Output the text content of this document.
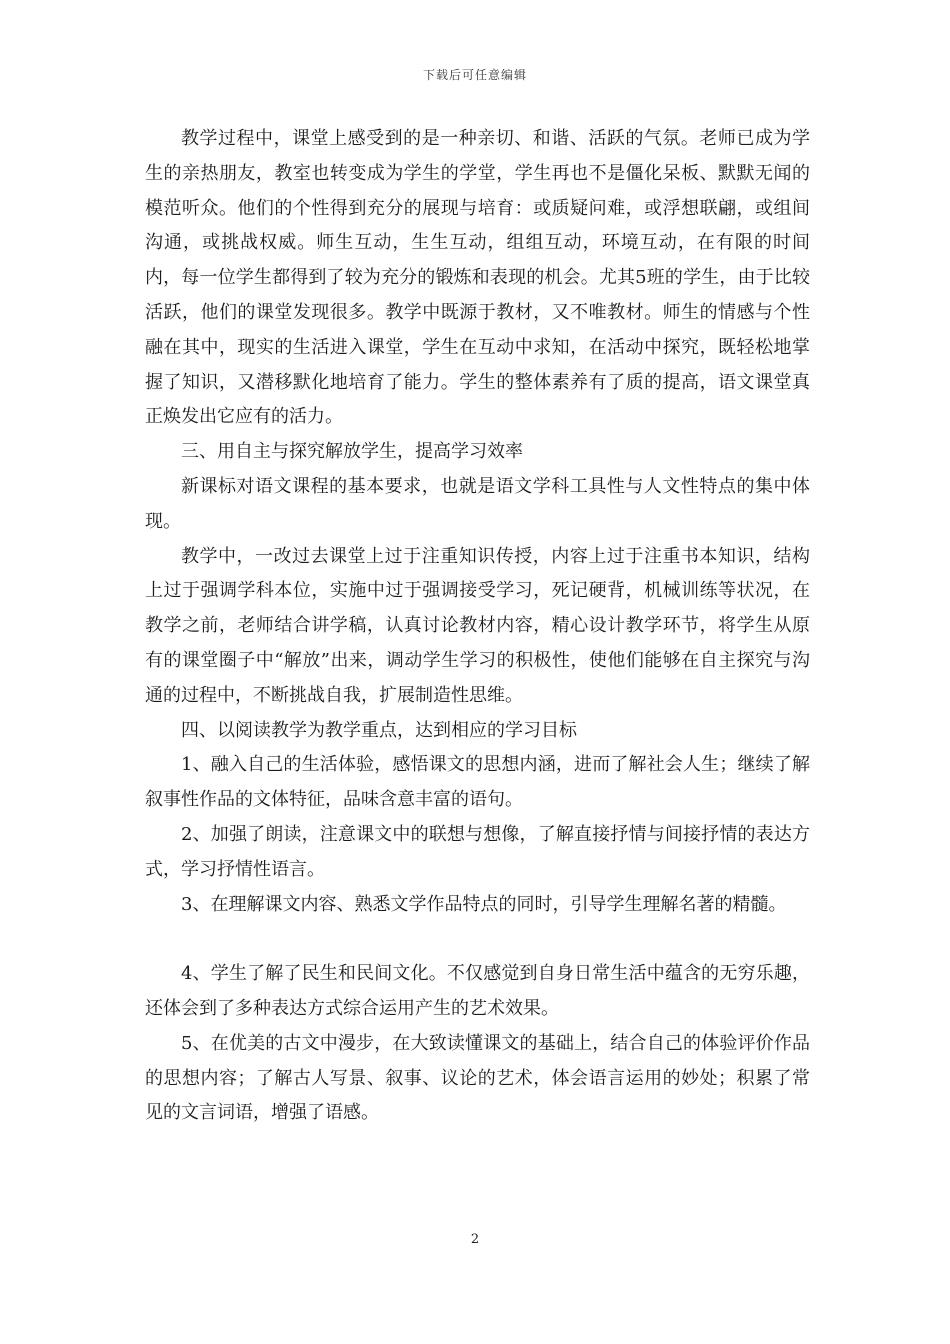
下载后可任意编辑

教学过程中，课堂上感受到的是一种亲切、和谐、活跃的气氛。老师已成为学生的亲热朋友，教室也转变成为学生的学堂，学生再也不是僵化呆板、默默无闻的模范听众。他们的个性得到充分的展现与培育：或质疑问难，或浮想联翩，或组间沟通，或挑战权威。师生互动，生生互动，组组互动，环境互动，在有限的时间内，每一位学生都得到了较为充分的锻炼和表现的机会。尤其5班的学生，由于比较活跃，他们的课堂发现很多。教学中既源于教材，又不唯教材。师生的情感与个性融在其中，现实的生活进入课堂，学生在互动中求知，在活动中探究，既轻松地掌握了知识，又潜移默化地培育了能力。学生的整体素养有了质的提高，语文课堂真正焕发出它应有的活力。

三、用自主与探究解放学生，提高学习效率

新课标对语文课程的基本要求，也就是语文学科工具性与人文性特点的集中体现。

教学中，一改过去课堂上过于注重知识传授，内容上过于注重书本知识，结构上过于强调学科本位，实施中过于强调接受学习，死记硬背，机械训练等状况，在教学之前，老师结合讲学稿，认真讨论教材内容，精心设计教学环节，将学生从原有的课堂圈子中“解放”出来，调动学生学习的积极性，使他们能够在自主探究与沟通的过程中，不断挑战自我，扩展制造性思维。

四、以阅读教学为教学重点，达到相应的学习目标

1、融入自己的生活体验，感悟课文的思想内涵，进而了解社会人生；继续了解叙事性作品的文体特征，品味含意丰富的语句。

2、加强了朗读，注意课文中的联想与想像，了解直接抒情与间接抒情的表达方式，学习抒情性语言。

3、在理解课文内容、熟悉文学作品特点的同时，引导学生理解名著的精髓。

4、学生了解了民生和民间文化。不仅感觉到自身日常生活中蕴含的无穷乐趣，还体会到了多种表达方式综合运用产生的艺术效果。

5、在优美的古文中漫步，在大致读懂课文的基础上，结合自己的体验评价作品的思想内容；了解古人写景、叙事、议论的艺术，体会语言运用的妙处；积累了常见的文言词语，增强了语感。

2
